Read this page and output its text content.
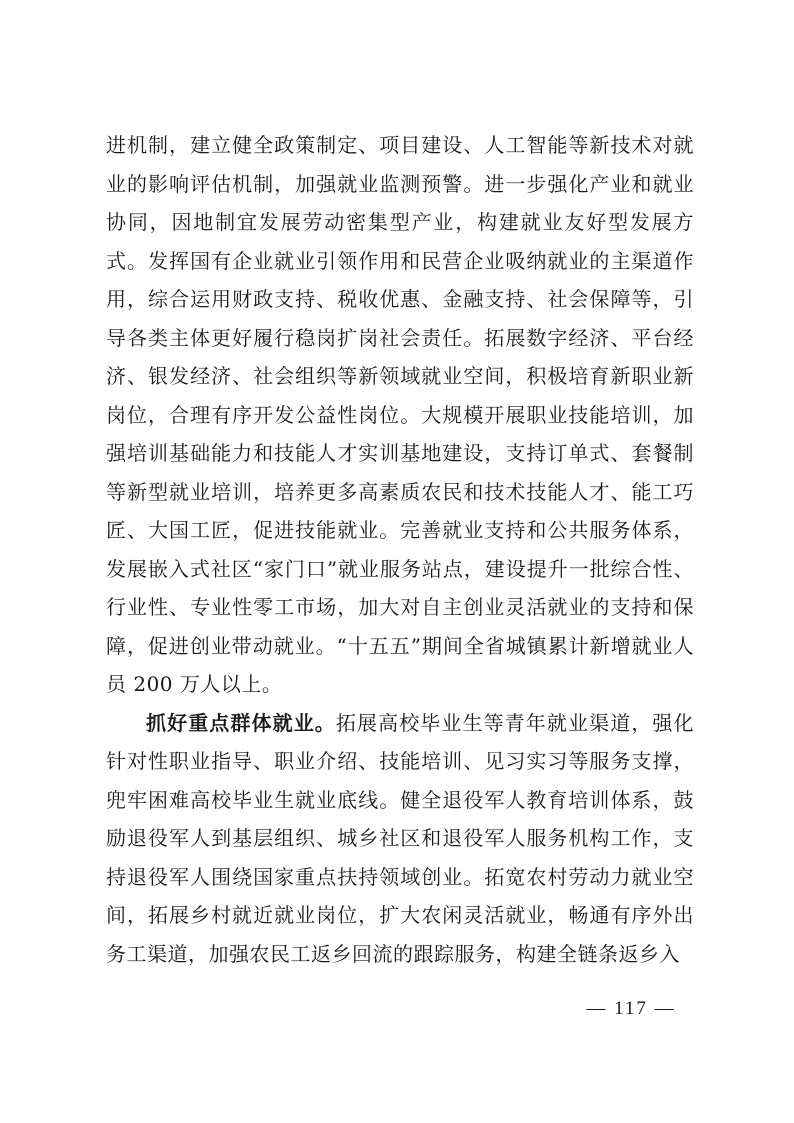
进机制，建立健全政策制定、项目建设、人工智能等新技术对就业的影响评估机制，加强就业监测预警。进一步强化产业和就业协同，因地制宜发展劳动密集型产业，构建就业友好型发展方式。发挥国有企业就业引领作用和民营企业吸纳就业的主渠道作用，综合运用财政支持、税收优惠、金融支持、社会保障等，引导各类主体更好履行稳岗扩岗社会责任。拓展数字经济、平台经济、银发经济、社会组织等新领域就业空间，积极培育新职业新岗位，合理有序开发公益性岗位。大规模开展职业技能培训，加强培训基础能力和技能人才实训基地建设，支持订单式、套餐制等新型就业培训，培养更多高素质农民和技术技能人才、能工巧匠、大国工匠，促进技能就业。完善就业支持和公共服务体系，发展嵌入式社区“家门口”就业服务站点，建设提升一批综合性、行业性、专业性零工市场，加大对自主创业灵活就业的支持和保障，促进创业带动就业。“十五五”期间全省城镇累计新增就业人员 200 万人以上。

抓好重点群体就业。拓展高校毕业生等青年就业渠道，强化针对性职业指导、职业介绍、技能培训、见习实习等服务支撑，兜牢困难高校毕业生就业底线。健全退役军人教育培训体系，鼓励退役军人到基层组织、城乡社区和退役军人服务机构工作，支持退役军人围绕国家重点扶持领域创业。拓宽农村劳动力就业空间，拓展乡村就近就业岗位，扩大农闲灵活就业，畅通有序外出务工渠道，加强农民工返乡回流的跟踪服务，构建全链条返乡入

— 117 —
